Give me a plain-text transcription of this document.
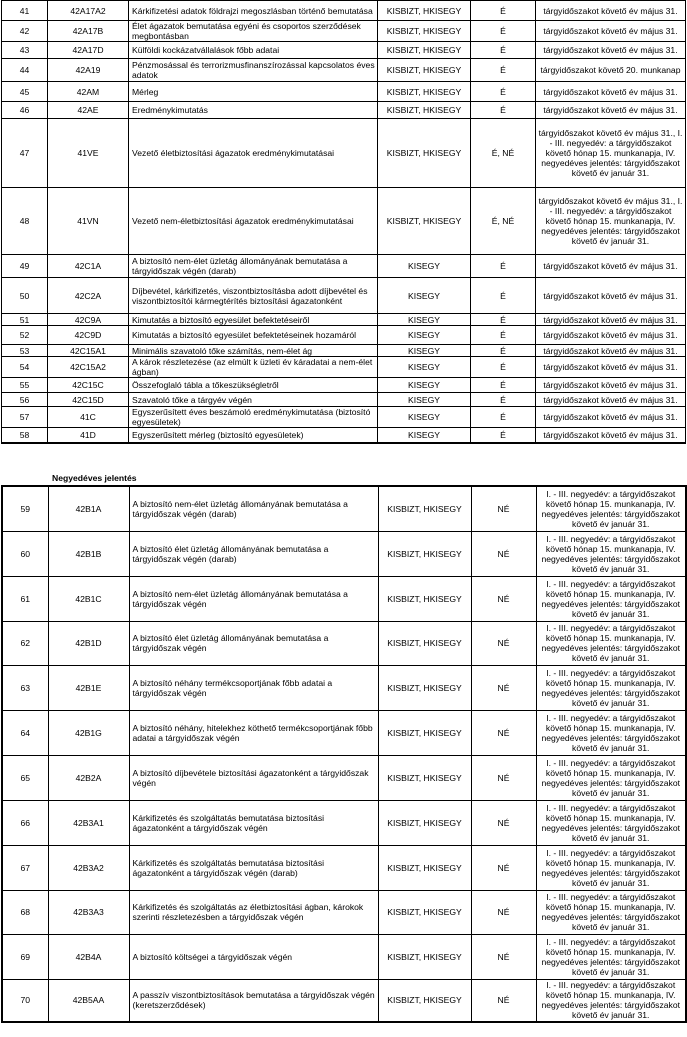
41	42A17A2	Kárkifizetési adatok földrajzi megoszlásban történő bemutatása	KISBIZT, HKISEGY	É	tárgyidőszakot követő év május 31.
42	42A17B	Élet ágazatok bemutatása egyéni és csoportos szerződések megbontásban	KISBIZT, HKISEGY	É	tárgyidőszakot követő év május 31.
43	42A17D	Külföldi kockázatvállalások főbb adatai	KISBIZT, HKISEGY	É	tárgyidőszakot követő év május 31.
44	42A19	Pénzmosással és terrorizmusfinanszírozással kapcsolatos éves adatok	KISBIZT, HKISEGY	É	tárgyidőszakot követő 20. munkanap
45	42AM	Mérleg	KISBIZT, HKISEGY	É	tárgyidőszakot követő év május 31.
46	42AE	Eredménykimutatás	KISBIZT, HKISEGY	É	tárgyidőszakot követő év május 31.
47	41VE	Vezető életbiztosítási ágazatok eredménykimutatásai	KISBIZT, HKISEGY	É, NÉ	tárgyidőszakot követő év május 31., I. - III. negyedév: a tárgyidőszakot követő hónap 15. munkanapja, IV. negyedéves jelentés: tárgyidőszakot követő év január 31.
48	41VN	Vezető nem-életbiztosítási ágazatok eredménykimutatásai	KISBIZT, HKISEGY	É, NÉ	tárgyidőszakot követő év május 31., I. - III. negyedév: a tárgyidőszakot követő hónap 15. munkanapja, IV. negyedéves jelentés: tárgyidőszakot követő év január 31.
49	42C1A	A biztosító nem-élet üzletág állományának bemutatása a tárgyidőszak végén (darab)	KISEGY	É	tárgyidőszakot követő év május 31.
50	42C2A	Díjbevétel, kárkifizetés, viszontbiztosításba adott díjbevétel és viszontbiztosítói kármegtérítés biztosítási ágazatonként	KISEGY	É	tárgyidőszakot követő év május 31.
51	42C9A	Kimutatás a biztosító egyesület befektetéseiről	KISEGY	É	tárgyidőszakot követő év május 31.
52	42C9D	Kimutatás a biztosító egyesület befektetéseinek hozamáról	KISEGY	É	tárgyidőszakot követő év május 31.
53	42C15A1	Minimális szavatoló tőke számítás, nem-élet ág	KISEGY	É	tárgyidőszakot követő év május 31.
54	42C15A2	A károk részletezése (az elmúlt k üzleti év káradatai a nem-élet ágban)	KISEGY	É	tárgyidőszakot követő év május 31.
55	42C15C	Összefoglaló tábla a tőkeszükségletről	KISEGY	É	tárgyidőszakot követő év május 31.
56	42C15D	Szavatoló tőke a tárgyév végén	KISEGY	É	tárgyidőszakot követő év május 31.
57	41C	Egyszerűsített éves beszámoló eredménykimutatása (biztosító egyesületek)	KISEGY	É	tárgyidőszakot követő év május 31.
58	41D	Egyszerűsített mérleg (biztosító egyesületek)	KISEGY	É	tárgyidőszakot követő év május 31.
Negyedéves jelentés
59	42B1A	A biztosító nem-élet üzletág állományának bemutatása a tárgyidőszak végén (darab)	KISBIZT, HKISEGY	NÉ	I. - III. negyedév: a tárgyidőszakot követő hónap 15. munkanapja, IV. negyedéves jelentés: tárgyidőszakot követő év január 31.
60	42B1B	A biztosító élet üzletág állományának bemutatása a tárgyidőszak végén (darab)	KISBIZT, HKISEGY	NÉ	I. - III. negyedév: a tárgyidőszakot követő hónap 15. munkanapja, IV. negyedéves jelentés: tárgyidőszakot követő év január 31.
61	42B1C	A biztosító nem-élet üzletág állományának bemutatása a tárgyidőszak végén	KISBIZT, HKISEGY	NÉ	I. - III. negyedév: a tárgyidőszakot követő hónap 15. munkanapja, IV. negyedéves jelentés: tárgyidőszakot követő év január 31.
62	42B1D	A biztosító élet üzletág állományának bemutatása a tárgyidőszak végén	KISBIZT, HKISEGY	NÉ	I. - III. negyedév: a tárgyidőszakot követő hónap 15. munkanapja, IV. negyedéves jelentés: tárgyidőszakot követő év január 31.
63	42B1E	A biztosító néhány termékcsoportjának főbb adatai a tárgyidőszak végén	KISBIZT, HKISEGY	NÉ	I. - III. negyedév: a tárgyidőszakot követő hónap 15. munkanapja, IV. negyedéves jelentés: tárgyidőszakot követő év január 31.
64	42B1G	A biztosító néhány, hitelekhez köthető termékcsoportjának főbb adatai a tárgyidőszak végén	KISBIZT, HKISEGY	NÉ	I. - III. negyedév: a tárgyidőszakot követő hónap 15. munkanapja, IV. negyedéves jelentés: tárgyidőszakot követő év január 31.
65	42B2A	A biztosító díjbevétele biztosítási ágazatonként a tárgyidőszak végén	KISBIZT, HKISEGY	NÉ	I. - III. negyedév: a tárgyidőszakot követő hónap 15. munkanapja, IV. negyedéves jelentés: tárgyidőszakot követő év január 31.
66	42B3A1	Kárkifizetés és szolgáltatás bemutatása biztosítási ágazatonként a tárgyidőszak végén	KISBIZT, HKISEGY	NÉ	I. - III. negyedév: a tárgyidőszakot követő hónap 15. munkanapja, IV. negyedéves jelentés: tárgyidőszakot követő év január 31.
67	42B3A2	Kárkifizetés és szolgáltatás bemutatása biztosítási ágazatonként a tárgyidőszak végén (darab)	KISBIZT, HKISEGY	NÉ	I. - III. negyedév: a tárgyidőszakot követő hónap 15. munkanapja, IV. negyedéves jelentés: tárgyidőszakot követő év január 31.
68	42B3A3	Kárkifizetés és szolgáltatás az életbiztosítási ágban, károkok szerinti részletezésben a tárgyidőszak végén	KISBIZT, HKISEGY	NÉ	I. - III. negyedév: a tárgyidőszakot követő hónap 15. munkanapja, IV. negyedéves jelentés: tárgyidőszakot követő év január 31.
69	42B4A	A biztosító költségei a tárgyidőszak végén	KISBIZT, HKISEGY	NÉ	I. - III. negyedév: a tárgyidőszakot követő hónap 15. munkanapja, IV. negyedéves jelentés: tárgyidőszakot követő év január 31.
70	42B5AA	A passzív viszontbiztosítások bemutatása a tárgyidőszak végén (keretszerződések)	KISBIZT, HKISEGY	NÉ	I. - III. negyedév: a tárgyidőszakot követő hónap 15. munkanapja, IV. negyedéves jelentés: tárgyidőszakot követő év január 31.
